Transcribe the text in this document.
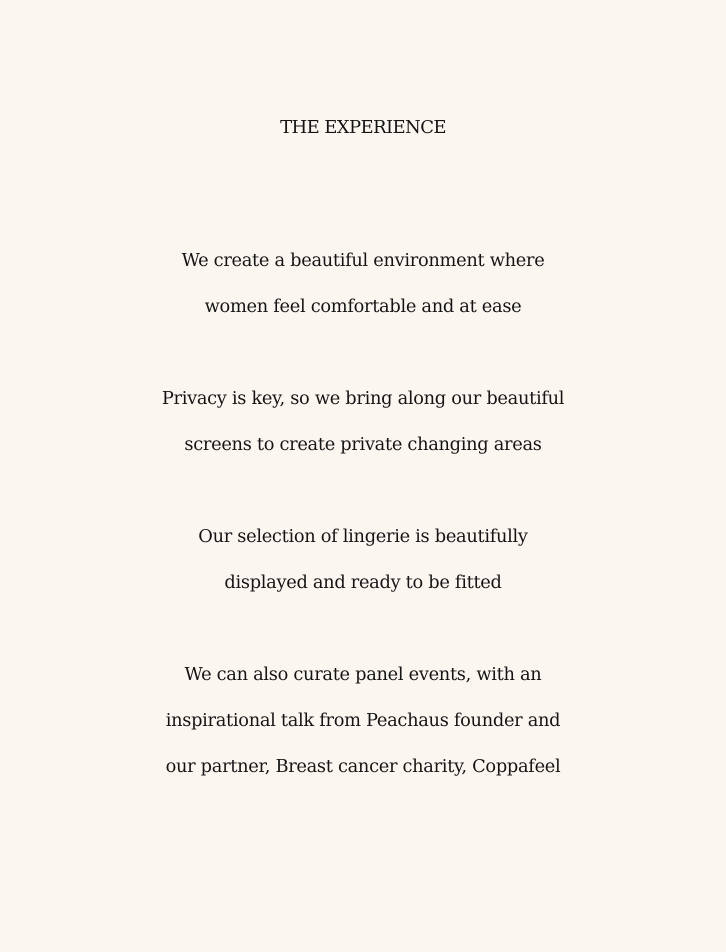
THE EXPERIENCE

We create a beautiful environment where
women feel comfortable and at ease

Privacy is key, so we bring along our beautiful
screens to create private changing areas

Our selection of lingerie is beautifully
displayed and ready to be fitted

We can also curate panel events, with an
inspirational talk from Peachaus founder and
our partner, Breast cancer charity, Coppafeel
